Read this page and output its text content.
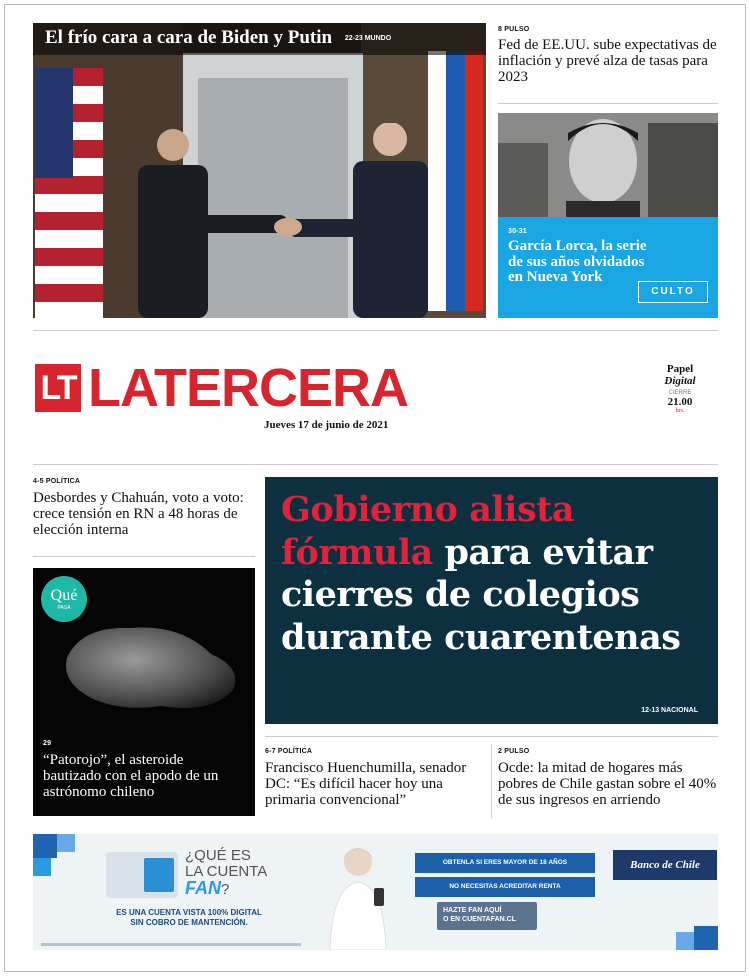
El frío cara a cara de Biden y Putin 22-23 MUNDO
8 PULSO
Fed de EE.UU. sube expectativas de inflación y prevé alza de tasas para 2023
30-31
García Lorca, la serie de sus años olvidados en Nueva York
CULTO
LT LATERCERA
Jueves 17 de junio de 2021
Papel
Digital
CIERRE
21.00
hrs.
4-5 POLÍTICA
Desbordes y Chahuán, voto a voto: crece tensión en RN a 48 horas de elección interna
Qué
PASA
29
“Patorojo”, el asteroide bautizado con el apodo de un astrónomo chileno
Gobierno alista fórmula para evitar cierres de colegios durante cuarentenas
12-13 NACIONAL
6-7 POLÍTICA
Francisco Huenchumilla, senador DC: “Es difícil hacer hoy una primaria convencional”
2 PULSO
Ocde: la mitad de hogares más pobres de Chile gastan sobre el 40% de sus ingresos en arriendo
¿QUÉ ES
LA CUENTA
FAN?
ES UNA CUENTA VISTA 100% DIGITAL
SIN COBRO DE MANTENCIÓN.
OBTENLA SI ERES MAYOR DE 18 AÑOS
NO NECESITAS ACREDITAR RENTA
Banco de Chile
HAZTE FAN AQUÍ
O EN CUENTAFAN.CL
